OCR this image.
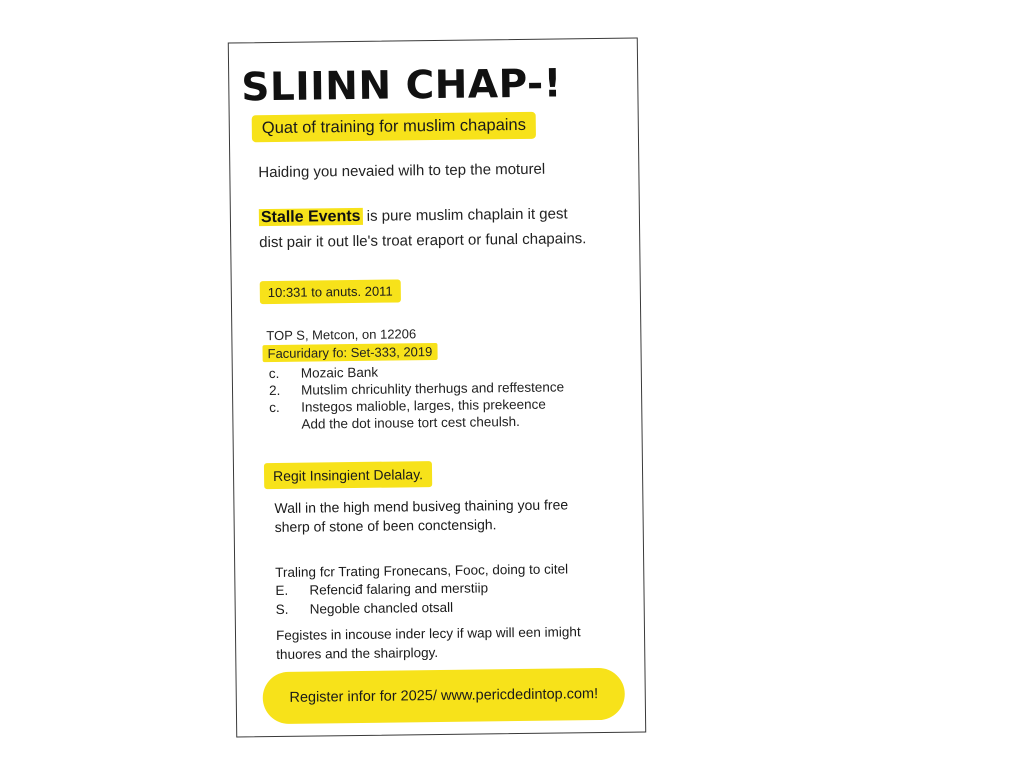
SLIINN CHAP-!
Quat of training for muslim chapains
Haiding you nevaied wilh to tep the moturel
Stalle Events is pure muslim chaplain it gest
dist pair it out lle's troat eraport or funal chapains.
10:331 to anuts. 2011
TOP S, Metcon, on 12206
Facuridary fo: Set-333, 2019
c. Mozaic Bank
2. Mutslim chricuhlity therhugs and reffestence
c. Instegos malioble, larges, this prekeence
Add the dot inouse tort cest cheulsh.
Regit Insingient Delalay.
Wall in the high mend busiveg thaining you free
sherp of stone of been conctensigh.
Traling fcr Trating Fronecans, Fooc, doing to citel
E. Refenciđ falaring and merstiip
S. Negoble chancled otsall
Fegistes in incouse inder lecy if wap will een imight
thuores and the shairplogy.
Register infor for 2025/ www.pericdedintop.com!
